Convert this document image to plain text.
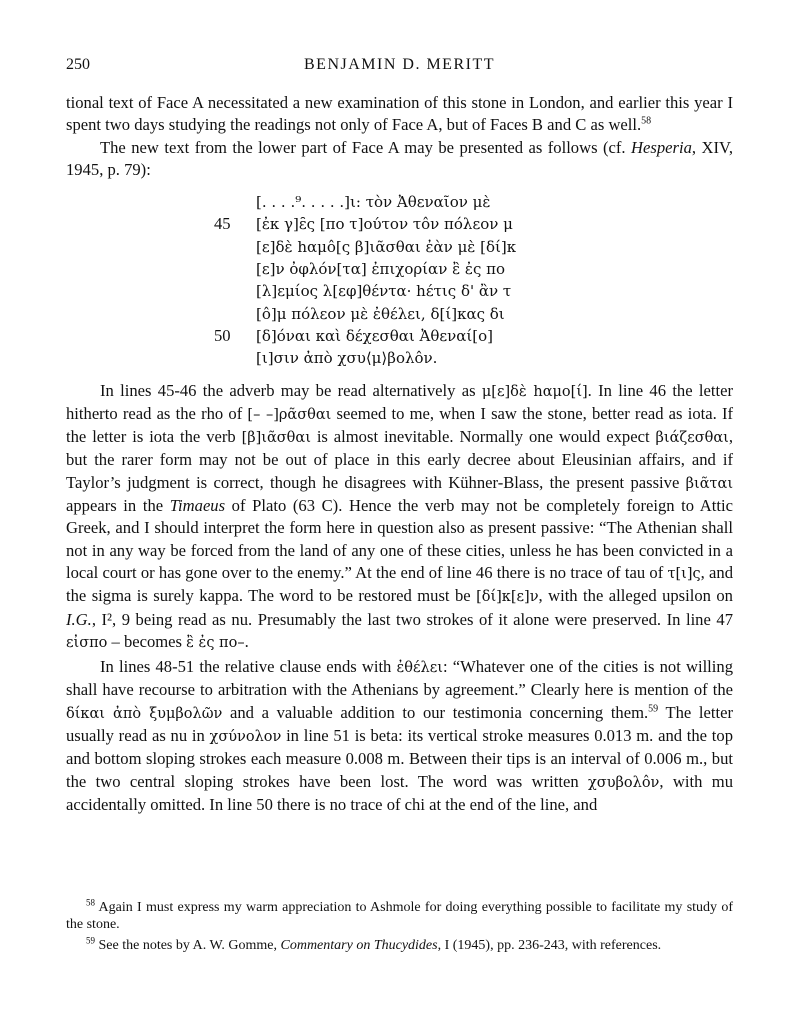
250	BENJAMIN D. MERITT

tional text of Face A necessitated a new examination of this stone in London, and earlier this year I spent two days studying the readings not only of Face A, but of Faces B and C as well.$^{58}$

The new text from the lower part of Face A may be presented as follows (cf. Hesperia, XIV, 1945, p. 79):

[. . . .⁹. . . . .]ι: τὸν Ἀθεναῖον μὲ
45	[ἐκ γ]ε̑ς [πο τ]ούτον τôν πόλεον μ
[ε]δὲ hαμô[ς β]ιᾶσθαι ἐὰν μὲ [δί]κ
[ε]ν ὀφλόν[τα] ἐπιχορίαν ἒ ἐς πο
[λ]εμίος λ[εφ]θέντα· hέτις δ' ἂν τ
[ô]μ πόλεον μὲ ἐθέλει, δ[ί]κας δι
50	[δ]όναι καὶ δέχεσθαι Ἀθεναί[ο]
[ι]σιν ἀπὸ χσυ⟨μ⟩βολôν.

In lines 45-46 the adverb may be read alternatively as μ[ε]δὲ hαμο[ί]. In line 46 the letter hitherto read as the rho of [– –]ρᾶσθαι seemed to me, when I saw the stone, better read as iota. If the letter is iota the verb [β]ιᾶσθαι is almost inevitable. Normally one would expect βιάζεσθαι, but the rarer form may not be out of place in this early decree about Eleusinian affairs, and if Taylor’s judgment is correct, though he disagrees with Kühner-Blass, the present passive βιᾶται appears in the Timaeus of Plato (63 C). Hence the verb may not be completely foreign to Attic Greek, and I should interpret the form here in question also as present passive: “The Athenian shall not in any way be forced from the land of any one of these cities, unless he has been convicted in a local court or has gone over to the enemy.” At the end of line 46 there is no trace of tau of τ[ι]ς, and the sigma is surely kappa. The word to be restored must be [δί]κ[ε]ν, with the alleged upsilon on I.G., I², 9 being read as nu. Presumably the last two strokes of it alone were preserved. In line 47 εἰσπο – becomes ἒ ἐς πο–.

In lines 48-51 the relative clause ends with ἐθέλει: “Whatever one of the cities is not willing shall have recourse to arbitration with the Athenians by agreement.” Clearly here is mention of the δίκαι ἀπὸ ξυμβολῶν and a valuable addition to our testimonia concerning them.$^{59}$ The letter usually read as nu in χσύνολον in line 51 is beta: its vertical stroke measures 0.013 m. and the top and bottom sloping strokes each measure 0.008 m. Between their tips is an interval of 0.006 m., but the two central sloping strokes have been lost. The word was written χσυβολôν, with mu accidentally omitted. In line 50 there is no trace of chi at the end of the line, and

$^{58}$ Again I must express my warm appreciation to Ashmole for doing everything possible to facilitate my study of the stone.

$^{59}$ See the notes by A. W. Gomme, Commentary on Thucydides, I (1945), pp. 236-243, with references.
